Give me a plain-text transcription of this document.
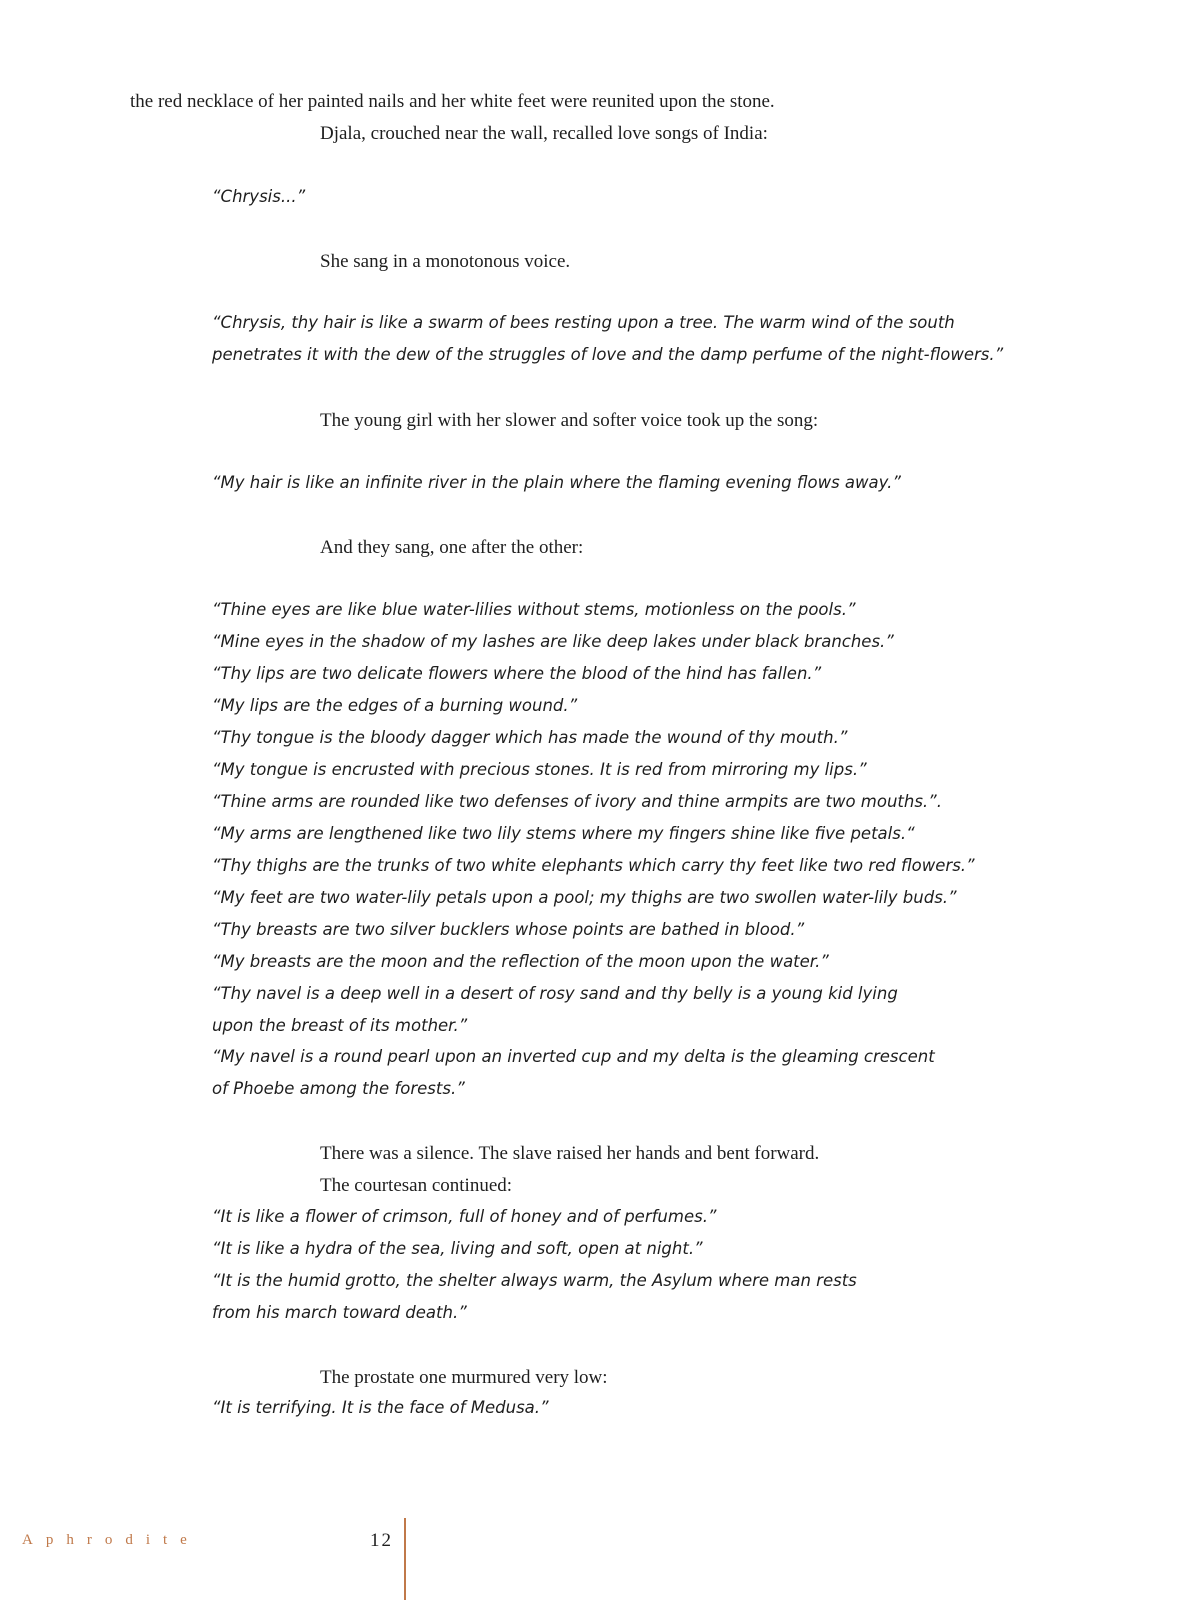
the red necklace of her painted nails and her white feet were reunited upon the stone.
Djala, crouched near the wall, recalled love songs of India:
“Chrysis...”
She sang in a monotonous voice.
“Chrysis, thy hair is like a swarm of bees resting upon a tree. The warm wind of the south
penetrates it with the dew of the struggles of love and the damp perfume of the night-flowers.”
The young girl with her slower and softer voice took up the song:
“My hair is like an infinite river in the plain where the flaming evening flows away.”
And they sang, one after the other:
“Thine eyes are like blue water-lilies without stems, motionless on the pools.”
“Mine eyes in the shadow of my lashes are like deep lakes under black branches.”
“Thy lips are two delicate flowers where the blood of the hind has fallen.”
“My lips are the edges of a burning wound.”
“Thy tongue is the bloody dagger which has made the wound of thy mouth.”
“My tongue is encrusted with precious stones. It is red from mirroring my lips.”
“Thine arms are rounded like two defenses of ivory and thine armpits are two mouths.”.
“My arms are lengthened like two lily stems where my fingers shine like five petals.“
“Thy thighs are the trunks of two white elephants which carry thy feet like two red flowers.”
“My feet are two water-lily petals upon a pool; my thighs are two swollen water-lily buds.”
“Thy breasts are two silver bucklers whose points are bathed in blood.”
“My breasts are the moon and the reflection of the moon upon the water.”
“Thy navel is a deep well in a desert of rosy sand and thy belly is a young kid lying
upon the breast of its mother.”
“My navel is a round pearl upon an inverted cup and my delta is the gleaming crescent
of Phoebe among the forests.”
There was a silence. The slave raised her hands and bent forward.
The courtesan continued:
“It is like a flower of crimson, full of honey and of perfumes.”
“It is like a hydra of the sea, living and soft, open at night.”
“It is the humid grotto, the shelter always warm, the Asylum where man rests
from his march toward death.”
The prostate one murmured very low:
“It is terrifying. It is the face of Medusa.”
Aphrodite	12
